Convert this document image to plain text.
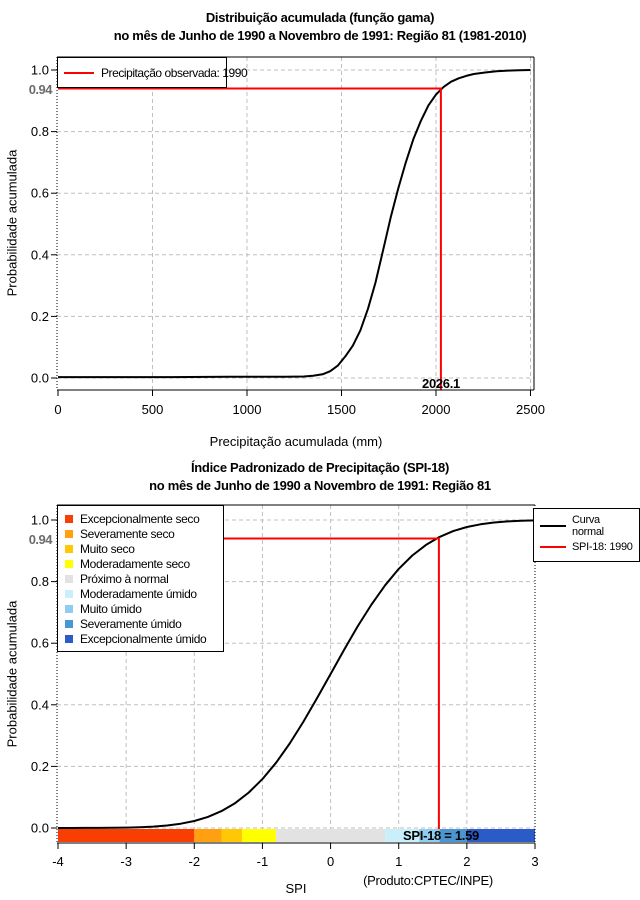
0	500	1000	1500	2000	2500
1.0
0.8
0.6
0.4
0.2
0.0
-4	-3	-2	-1	0	1	2	3
1.0
0.8
0.6
0.4
0.2
0.0
Distribuição acumulada (função gama)
no mês de Junho de 1990 a Novembro de 1991: Região 81 (1981-2010)
Probabilidade acumulada
0.94
Precipitação observada: 1990
2026.1
Precipitação acumulada (mm)
Índice Padronizado de Precipitação (SPI-18)
no mês de Junho de 1990 a Novembro de 1991: Região 81
Probabilidade acumulada
0.94
Excepcionalmente seco
Severamente seco
Muito seco
Moderadamente seco
Próximo à normal
Moderadamente úmido
Muito úmido
Severamente úmido
Excepcionalmente úmido
Curva normal
SPI-18: 1990
SPI-18 = 1.59
SPI
(Produto:CPTEC/INPE)
